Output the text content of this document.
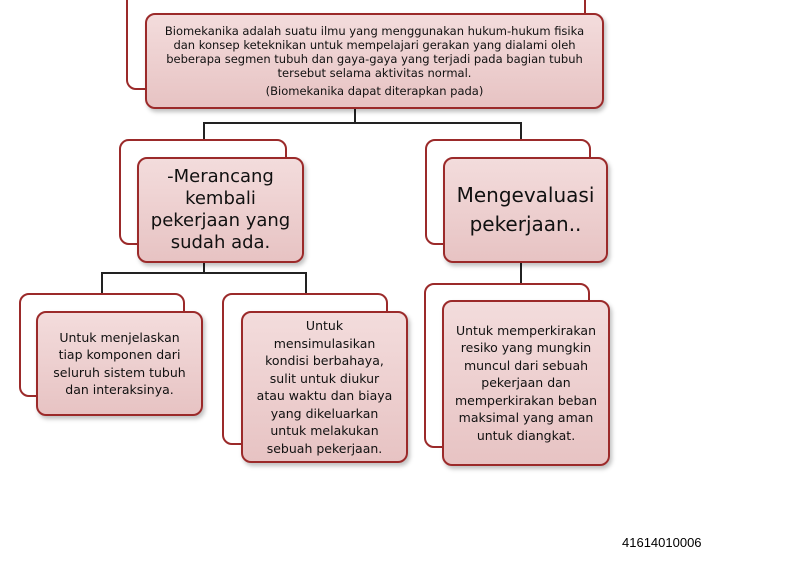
Biomekanika adalah suatu ilmu yang menggunakan hukum-hukum fisika dan konsep keteknikan untuk mempelajari gerakan yang dialami oleh beberapa segmen tubuh dan gaya-gaya yang terjadi pada bagian tubuh tersebut selama aktivitas normal.
(Biomekanika dapat diterapkan pada)
-Merancang kembali pekerjaan yang sudah ada.
Mengevaluasi pekerjaan..
Untuk menjelaskan tiap komponen dari seluruh sistem tubuh dan interaksinya.
Untuk mensimulasikan kondisi berbahaya, sulit untuk diukur atau waktu dan biaya yang dikeluarkan untuk melakukan sebuah pekerjaan.
Untuk memperkirakan resiko yang mungkin muncul dari sebuah pekerjaan dan memperkirakan beban maksimal yang aman untuk diangkat.
41614010006
